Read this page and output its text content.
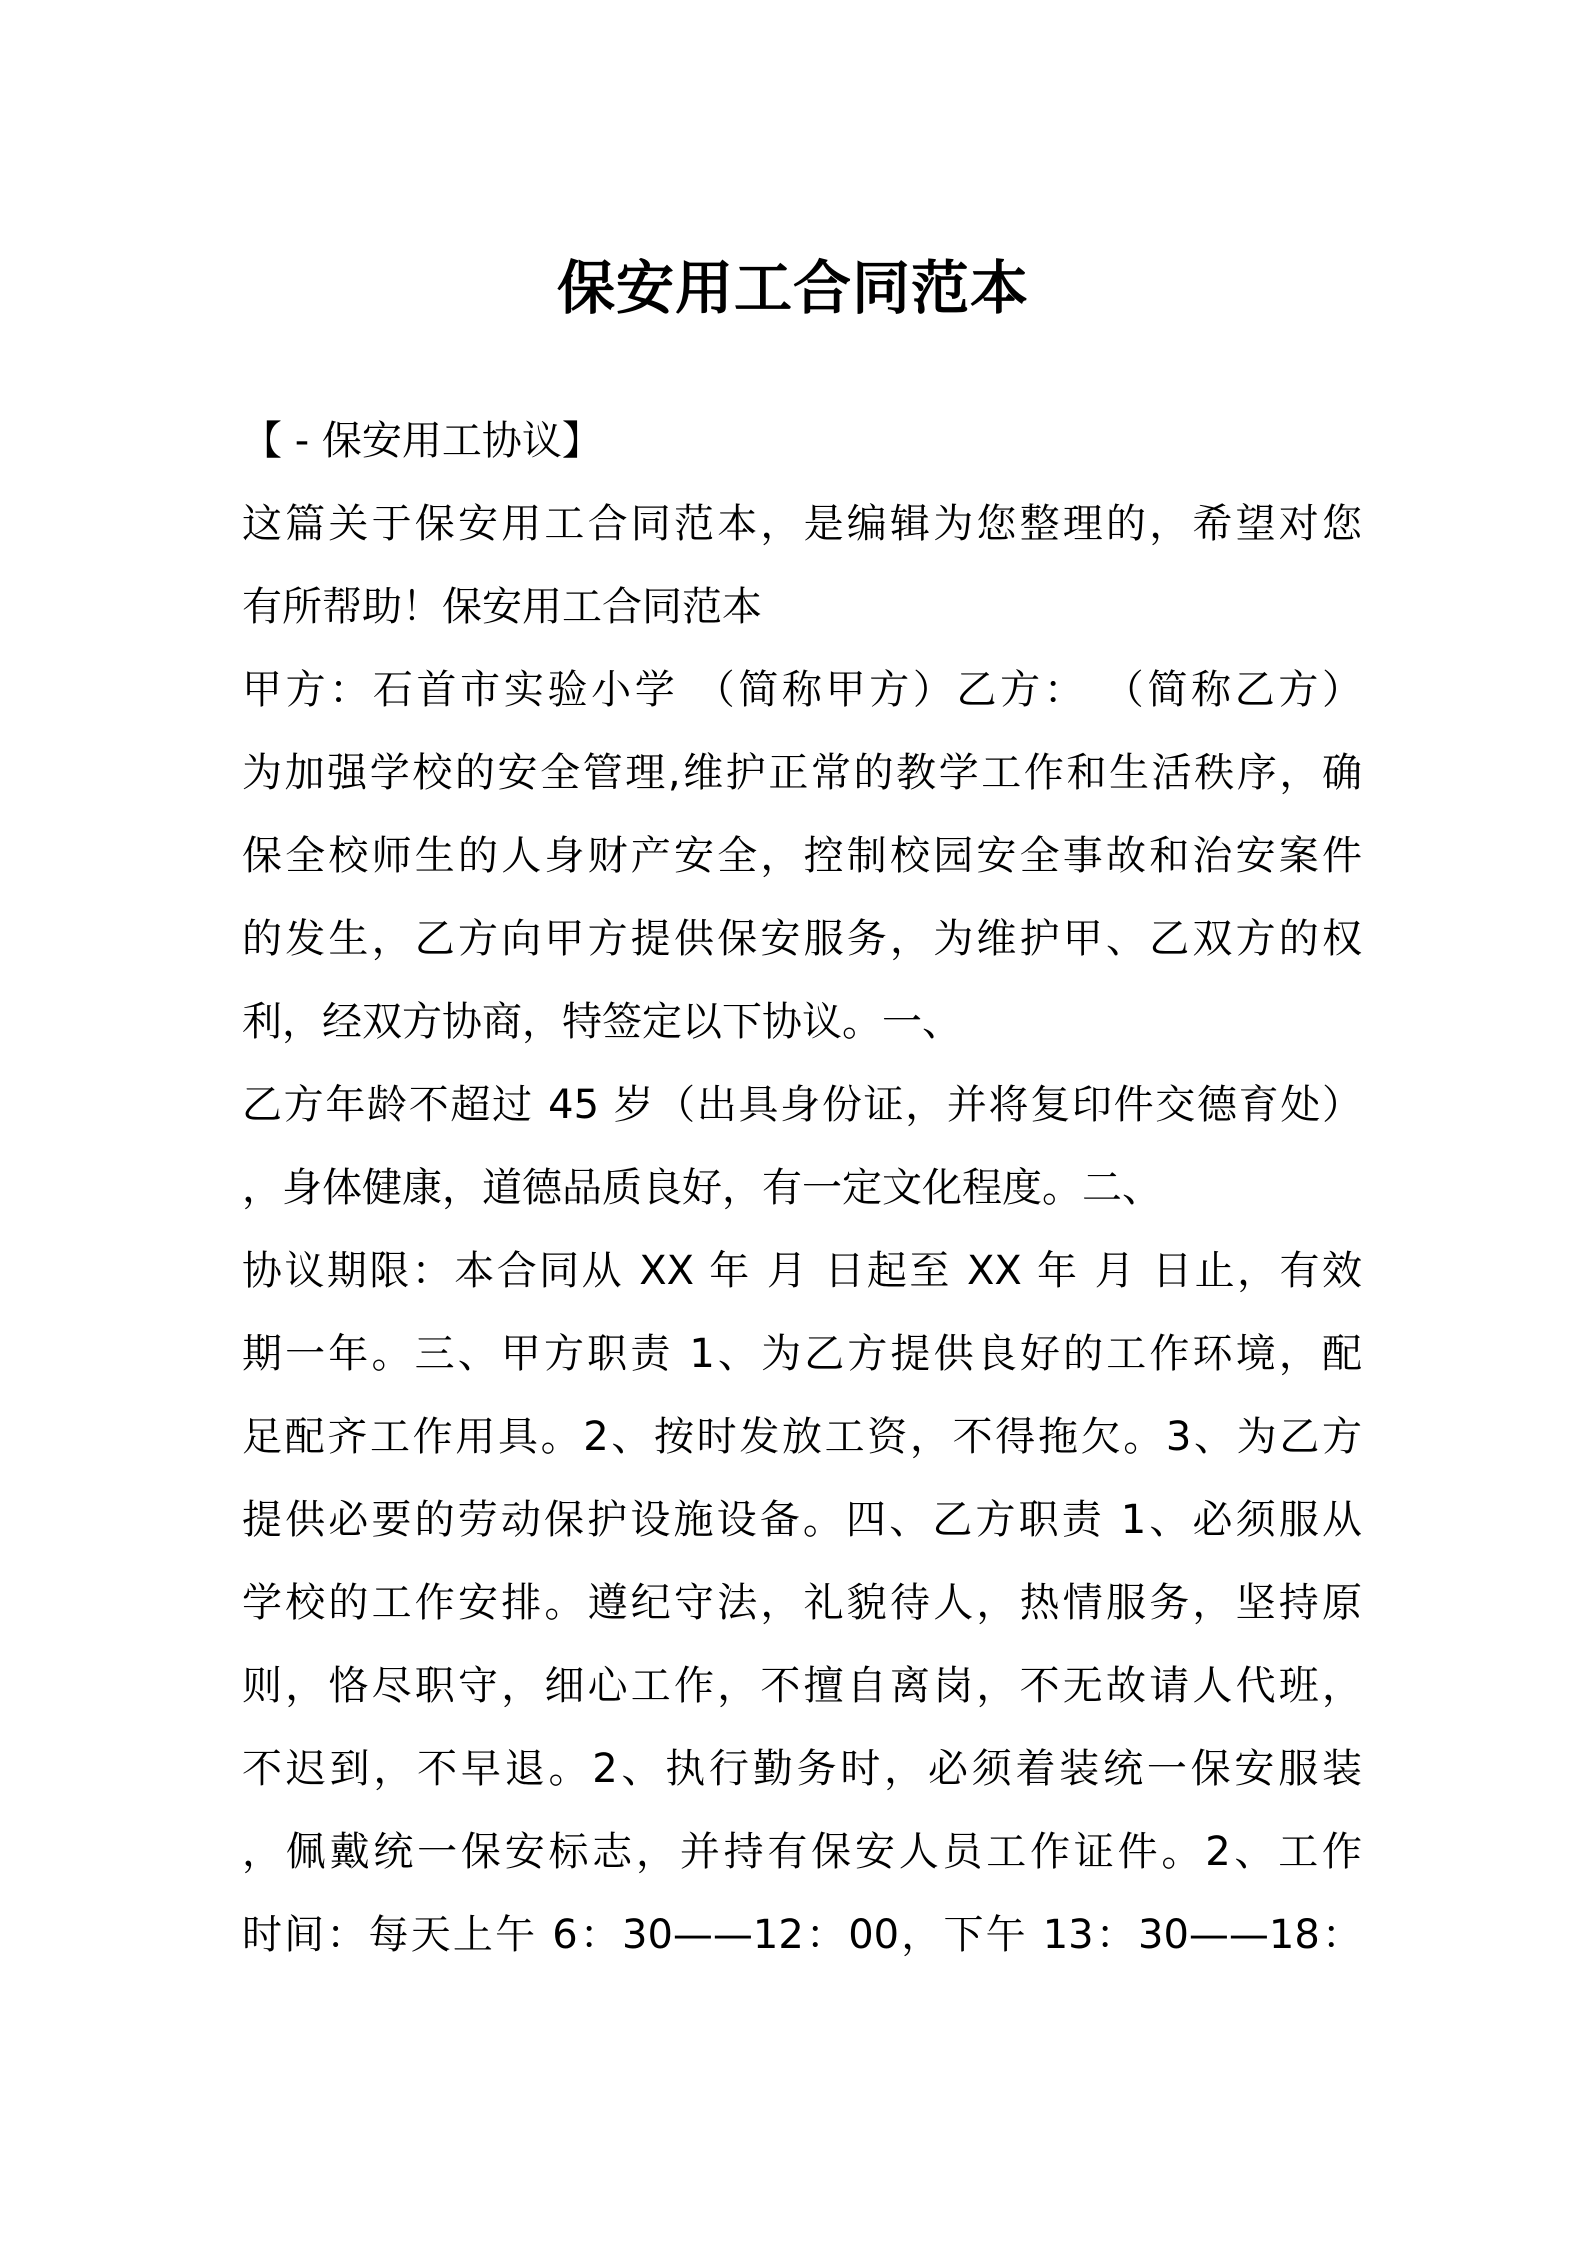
保安用工合同范本
【 - 保安用工协议】
这篇关于保安用工合同范本，是编辑为您整理的，希望对您
有所帮助！保安用工合同范本
甲方：石首市实验小学 （简称甲方）乙方： （简称乙方）
为加强学校的安全管理,维护正常的教学工作和生活秩序，确
保全校师生的人身财产安全，控制校园安全事故和治安案件
的发生，乙方向甲方提供保安服务，为维护甲、乙双方的权
利，经双方协商，特签定以下协议。一、
乙方年龄不超过 45 岁（出具身份证，并将复印件交德育处）
，身体健康，道德品质良好，有一定文化程度。二、
协议期限：本合同从 XX 年 月 日起至 XX 年 月 日止，有效
期一年。三、甲方职责 1、为乙方提供良好的工作环境，配
足配齐工作用具。2、按时发放工资，不得拖欠。3、为乙方
提供必要的劳动保护设施设备。四、乙方职责 1、必须服从
学校的工作安排。遵纪守法，礼貌待人，热情服务，坚持原
则，恪尽职守，细心工作，不擅自离岗，不无故请人代班，
不迟到，不早退。2、执行勤务时，必须着装统一保安服装
，佩戴统一保安标志，并持有保安人员工作证件。2、工作
时间：每天上午 6：30——12：00，下午 13：30——18：
